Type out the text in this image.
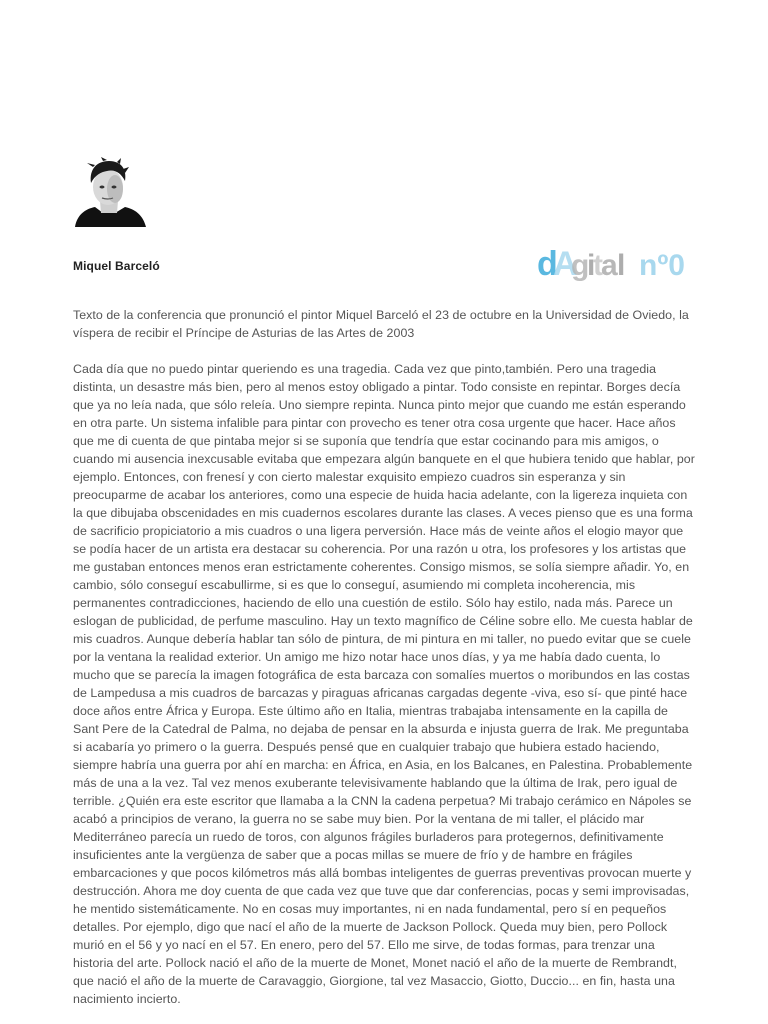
Miquel Barceló	d
A
g
i
t
a l nº0

Texto de la conferencia que pronunció el pintor Miquel Barceló el 23 de octubre en la Universidad de Oviedo, la víspera de recibir el Príncipe de Asturias de las Artes de 2003

Cada día que no puedo pintar queriendo es una tragedia. Cada vez que pinto,también. Pero una tragedia distinta, un desastre más bien, pero al menos estoy obligado a pintar. Todo consiste en repintar. Borges decía que ya no leía nada, que sólo releía. Uno siempre repinta. Nunca pinto mejor que cuando me están esperando en otra parte. Un sistema infalible para pintar con provecho es tener otra cosa urgente que hacer. Hace años que me di cuenta de que pintaba mejor si se suponía que tendría que estar cocinando para mis amigos, o cuando mi ausencia inexcusable evitaba que empezara algún banquete en el que hubiera tenido que hablar, por ejemplo. Entonces, con frenesí y con cierto malestar exquisito empiezo cuadros sin esperanza y sin preocuparme de acabar los anteriores, como una especie de huida hacia adelante, con la ligereza inquieta con la que dibujaba obscenidades en mis cuadernos escolares durante las clases. A veces pienso que es una forma de sacrificio propiciatorio a mis cuadros o una ligera perversión. Hace más de veinte años el elogio mayor que se podía hacer de un artista era destacar su coherencia. Por una razón u otra, los profesores y los artistas que me gustaban entonces menos eran estrictamente coherentes. Consigo mismos, se solía siempre añadir. Yo, en cambio, sólo conseguí escabullirme, si es que lo conseguí, asumiendo mi completa incoherencia, mis permanentes contradicciones, haciendo de ello una cuestión de estilo. Sólo hay estilo, nada más. Parece un eslogan de publicidad, de perfume masculino. Hay un texto magnífico de Céline sobre ello. Me cuesta hablar de mis cuadros. Aunque debería hablar tan sólo de pintura, de mi pintura en mi taller, no puedo evitar que se cuele por la ventana la realidad exterior. Un amigo me hizo notar hace unos días, y ya me había dado cuenta, lo mucho que se parecía la imagen fotográfica de esta barcaza con somalíes muertos o moribundos en las costas de Lampedusa a mis cuadros de barcazas y piraguas africanas cargadas degente -viva, eso sí- que pinté hace doce años entre África y Europa. Este último año en Italia, mientras trabajaba intensamente en la capilla de Sant Pere de la Catedral de Palma, no dejaba de pensar en la absurda e injusta guerra de Irak. Me preguntaba si acabaría yo primero o la guerra. Después pensé que en cualquier trabajo que hubiera estado haciendo, siempre habría una guerra por ahí en marcha: en África, en Asia, en los Balcanes, en Palestina. Probablemente más de una a la vez. Tal vez menos exuberante televisivamente hablando que la última de Irak, pero igual de terrible. ¿Quién era este escritor que llamaba a la CNN la cadena perpetua? Mi trabajo cerámico en Nápoles se acabó a principios de verano, la guerra no se sabe muy bien. Por la ventana de mi taller, el plácido mar Mediterráneo parecía un ruedo de toros, con algunos frágiles burladeros para protegernos, definitivamente insuficientes ante la vergüenza de saber que a pocas millas se muere de frío y de hambre en frágiles embarcaciones y que pocos kilómetros más allá bombas inteligentes de guerras preventivas provocan muerte y destrucción. Ahora me doy cuenta de que cada vez que tuve que dar conferencias, pocas y semi improvisadas, he mentido sistemáticamente. No en cosas muy importantes, ni en nada fundamental, pero sí en pequeños detalles. Por ejemplo, digo que nací el año de la muerte de Jackson Pollock. Queda muy bien, pero Pollock murió en el 56 y yo nací en el 57. En enero, pero del 57. Ello me sirve, de todas formas, para trenzar una historia del arte. Pollock nació el año de la muerte de Monet, Monet nació el año de la muerte de Rembrandt, que nació el año de la muerte de Caravaggio, Giorgione, tal vez Masaccio, Giotto, Duccio... en fin, hasta una nacimiento incierto.
